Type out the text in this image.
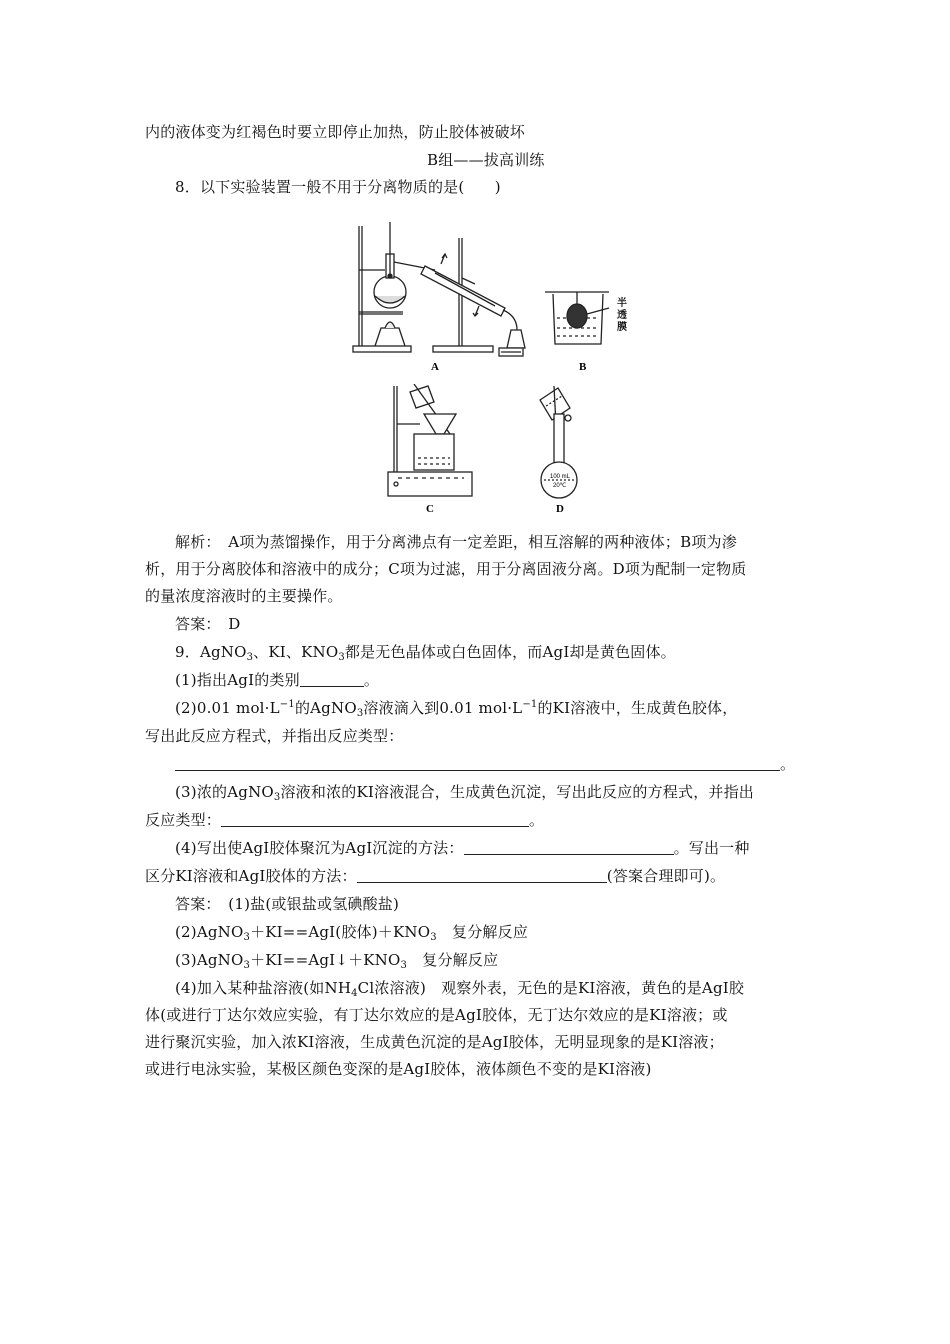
内的液体变为红褐色时要立即停止加热，防止胶体被破坏
B组——拔高训练
8．以下实验装置一般不用于分离物质的是(　　)
A	B
半
透
膜
C
100 mL
20℃
D
解析：　A项为蒸馏操作，用于分离沸点有一定差距，相互溶解的两种液体；B项为渗
析，用于分离胶体和溶液中的成分；C项为过滤，用于分离固液分离。D项为配制一定物质
的量浓度溶液时的主要操作。
答案：　D
9．AgNO$_3$、KI、$KNO_3$都是无色晶体或白色固体，而AgI却是黄色固体。
(1)指出AgI的类别	。
(2)0.01 $mol\cdot L^{-1}$的AgNO$_3$溶液滴入到0.01 $mol\cdot L^{-1}$的KI溶液中，生成黄色胶体，
写出此反应方程式，并指出反应类型：
。
(3)浓的AgNO$_3$溶液和浓的KI溶液混合，生成黄色沉淀，写出此反应的方程式，并指出
反应类型：	。
(4)写出使AgI胶体聚沉为AgI沉淀的方法：	。写出一种
区分KI溶液和AgI胶体的方法：	(答案合理即可)。
答案：　(1)盐(或银盐或氢碘酸盐)
(2)AgNO$_3$＋KI==AgI(胶体)$+KNO_3$　复分解反应
$(3)AgNO_3+KI==AgI↓+KNO_3$　复分解反应
(4)加入某种盐溶液(如$NH_4Cl$浓溶液)　观察外表，无色的是KI溶液，黄色的是AgI胶
体(或进行丁达尔效应实验，有丁达尔效应的是AgI胶体，无丁达尔效应的是KI溶液；或
进行聚沉实验，加入浓KI溶液，生成黄色沉淀的是AgI胶体，无明显现象的是KI溶液；
或进行电泳实验，某极区颜色变深的是AgI胶体，液体颜色不变的是KI溶液)
